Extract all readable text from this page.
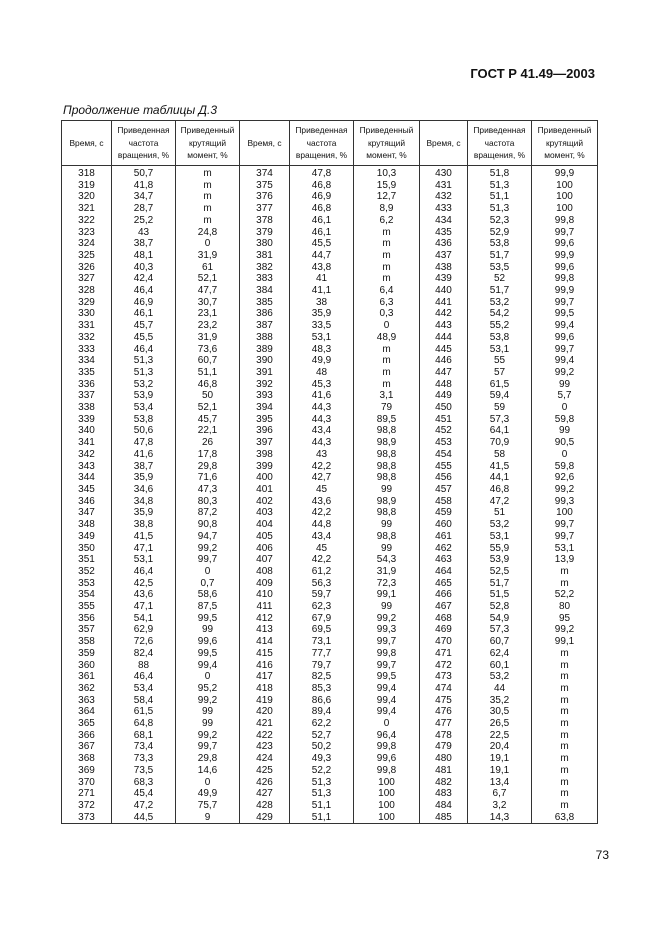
ГОСТ Р 41.49—2003
Продолжение таблицы Д.3
Время, с	Приведенная частота вращения, %	Приведенный крутящий момент, %	Время, с	Приведенная частота вращения, %	Приведенный крутящий момент, %	Время, с	Приведенная частота вращения, %	Приведенный крутящий момент, %
318	50,7	m	374	47,8	10,3	430	51,8	99,9
319	41,8	m	375	46,8	15,9	431	51,3	100
320	34,7	m	376	46,9	12,7	432	51,1	100
321	28,7	m	377	46,8	8,9	433	51,3	100
322	25,2	m	378	46,1	6,2	434	52,3	99,8
323	43	24,8	379	46,1	m	435	52,9	99,7
324	38,7	0	380	45,5	m	436	53,8	99,6
325	48,1	31,9	381	44,7	m	437	51,7	99,9
326	40,3	61	382	43,8	m	438	53,5	99,6
327	42,4	52,1	383	41	m	439	52	99,8
328	46,4	47,7	384	41,1	6,4	440	51,7	99,9
329	46,9	30,7	385	38	6,3	441	53,2	99,7
330	46,1	23,1	386	35,9	0,3	442	54,2	99,5
331	45,7	23,2	387	33,5	0	443	55,2	99,4
332	45,5	31,9	388	53,1	48,9	444	53,8	99,6
333	46,4	73,6	389	48,3	m	445	53,1	99,7
334	51,3	60,7	390	49,9	m	446	55	99,4
335	51,3	51,1	391	48	m	447	57	99,2
336	53,2	46,8	392	45,3	m	448	61,5	99
337	53,9	50	393	41,6	3,1	449	59,4	5,7
338	53,4	52,1	394	44,3	79	450	59	0
339	53,8	45,7	395	44,3	89,5	451	57,3	59,8
340	50,6	22,1	396	43,4	98,8	452	64,1	99
341	47,8	26	397	44,3	98,9	453	70,9	90,5
342	41,6	17,8	398	43	98,8	454	58	0
343	38,7	29,8	399	42,2	98,8	455	41,5	59,8
344	35,9	71,6	400	42,7	98,8	456	44,1	92,6
345	34,6	47,3	401	45	99	457	46,8	99,2
346	34,8	80,3	402	43,6	98,9	458	47,2	99,3
347	35,9	87,2	403	42,2	98,8	459	51	100
348	38,8	90,8	404	44,8	99	460	53,2	99,7
349	41,5	94,7	405	43,4	98,8	461	53,1	99,7
350	47,1	99,2	406	45	99	462	55,9	53,1
351	53,1	99,7	407	42,2	54,3	463	53,9	13,9
352	46,4	0	408	61,2	31,9	464	52,5	m
353	42,5	0,7	409	56,3	72,3	465	51,7	m
354	43,6	58,6	410	59,7	99,1	466	51,5	52,2
355	47,1	87,5	411	62,3	99	467	52,8	80
356	54,1	99,5	412	67,9	99,2	468	54,9	95
357	62,9	99	413	69,5	99,3	469	57,3	99,2
358	72,6	99,6	414	73,1	99,7	470	60,7	99,1
359	82,4	99,5	415	77,7	99,8	471	62,4	m
360	88	99,4	416	79,7	99,7	472	60,1	m
361	46,4	0	417	82,5	99,5	473	53,2	m
362	53,4	95,2	418	85,3	99,4	474	44	m
363	58,4	99,2	419	86,6	99,4	475	35,2	m
364	61,5	99	420	89,4	99,4	476	30,5	m
365	64,8	99	421	62,2	0	477	26,5	m
366	68,1	99,2	422	52,7	96,4	478	22,5	m
367	73,4	99,7	423	50,2	99,8	479	20,4	m
368	73,3	29,8	424	49,3	99,6	480	19,1	m
369	73,5	14,6	425	52,2	99,8	481	19,1	m
370	68,3	0	426	51,3	100	482	13,4	m
271	45,4	49,9	427	51,3	100	483	6,7	m
372	47,2	75,7	428	51,1	100	484	3,2	m
373	44,5	9	429	51,1	100	485	14,3	63,8
73
